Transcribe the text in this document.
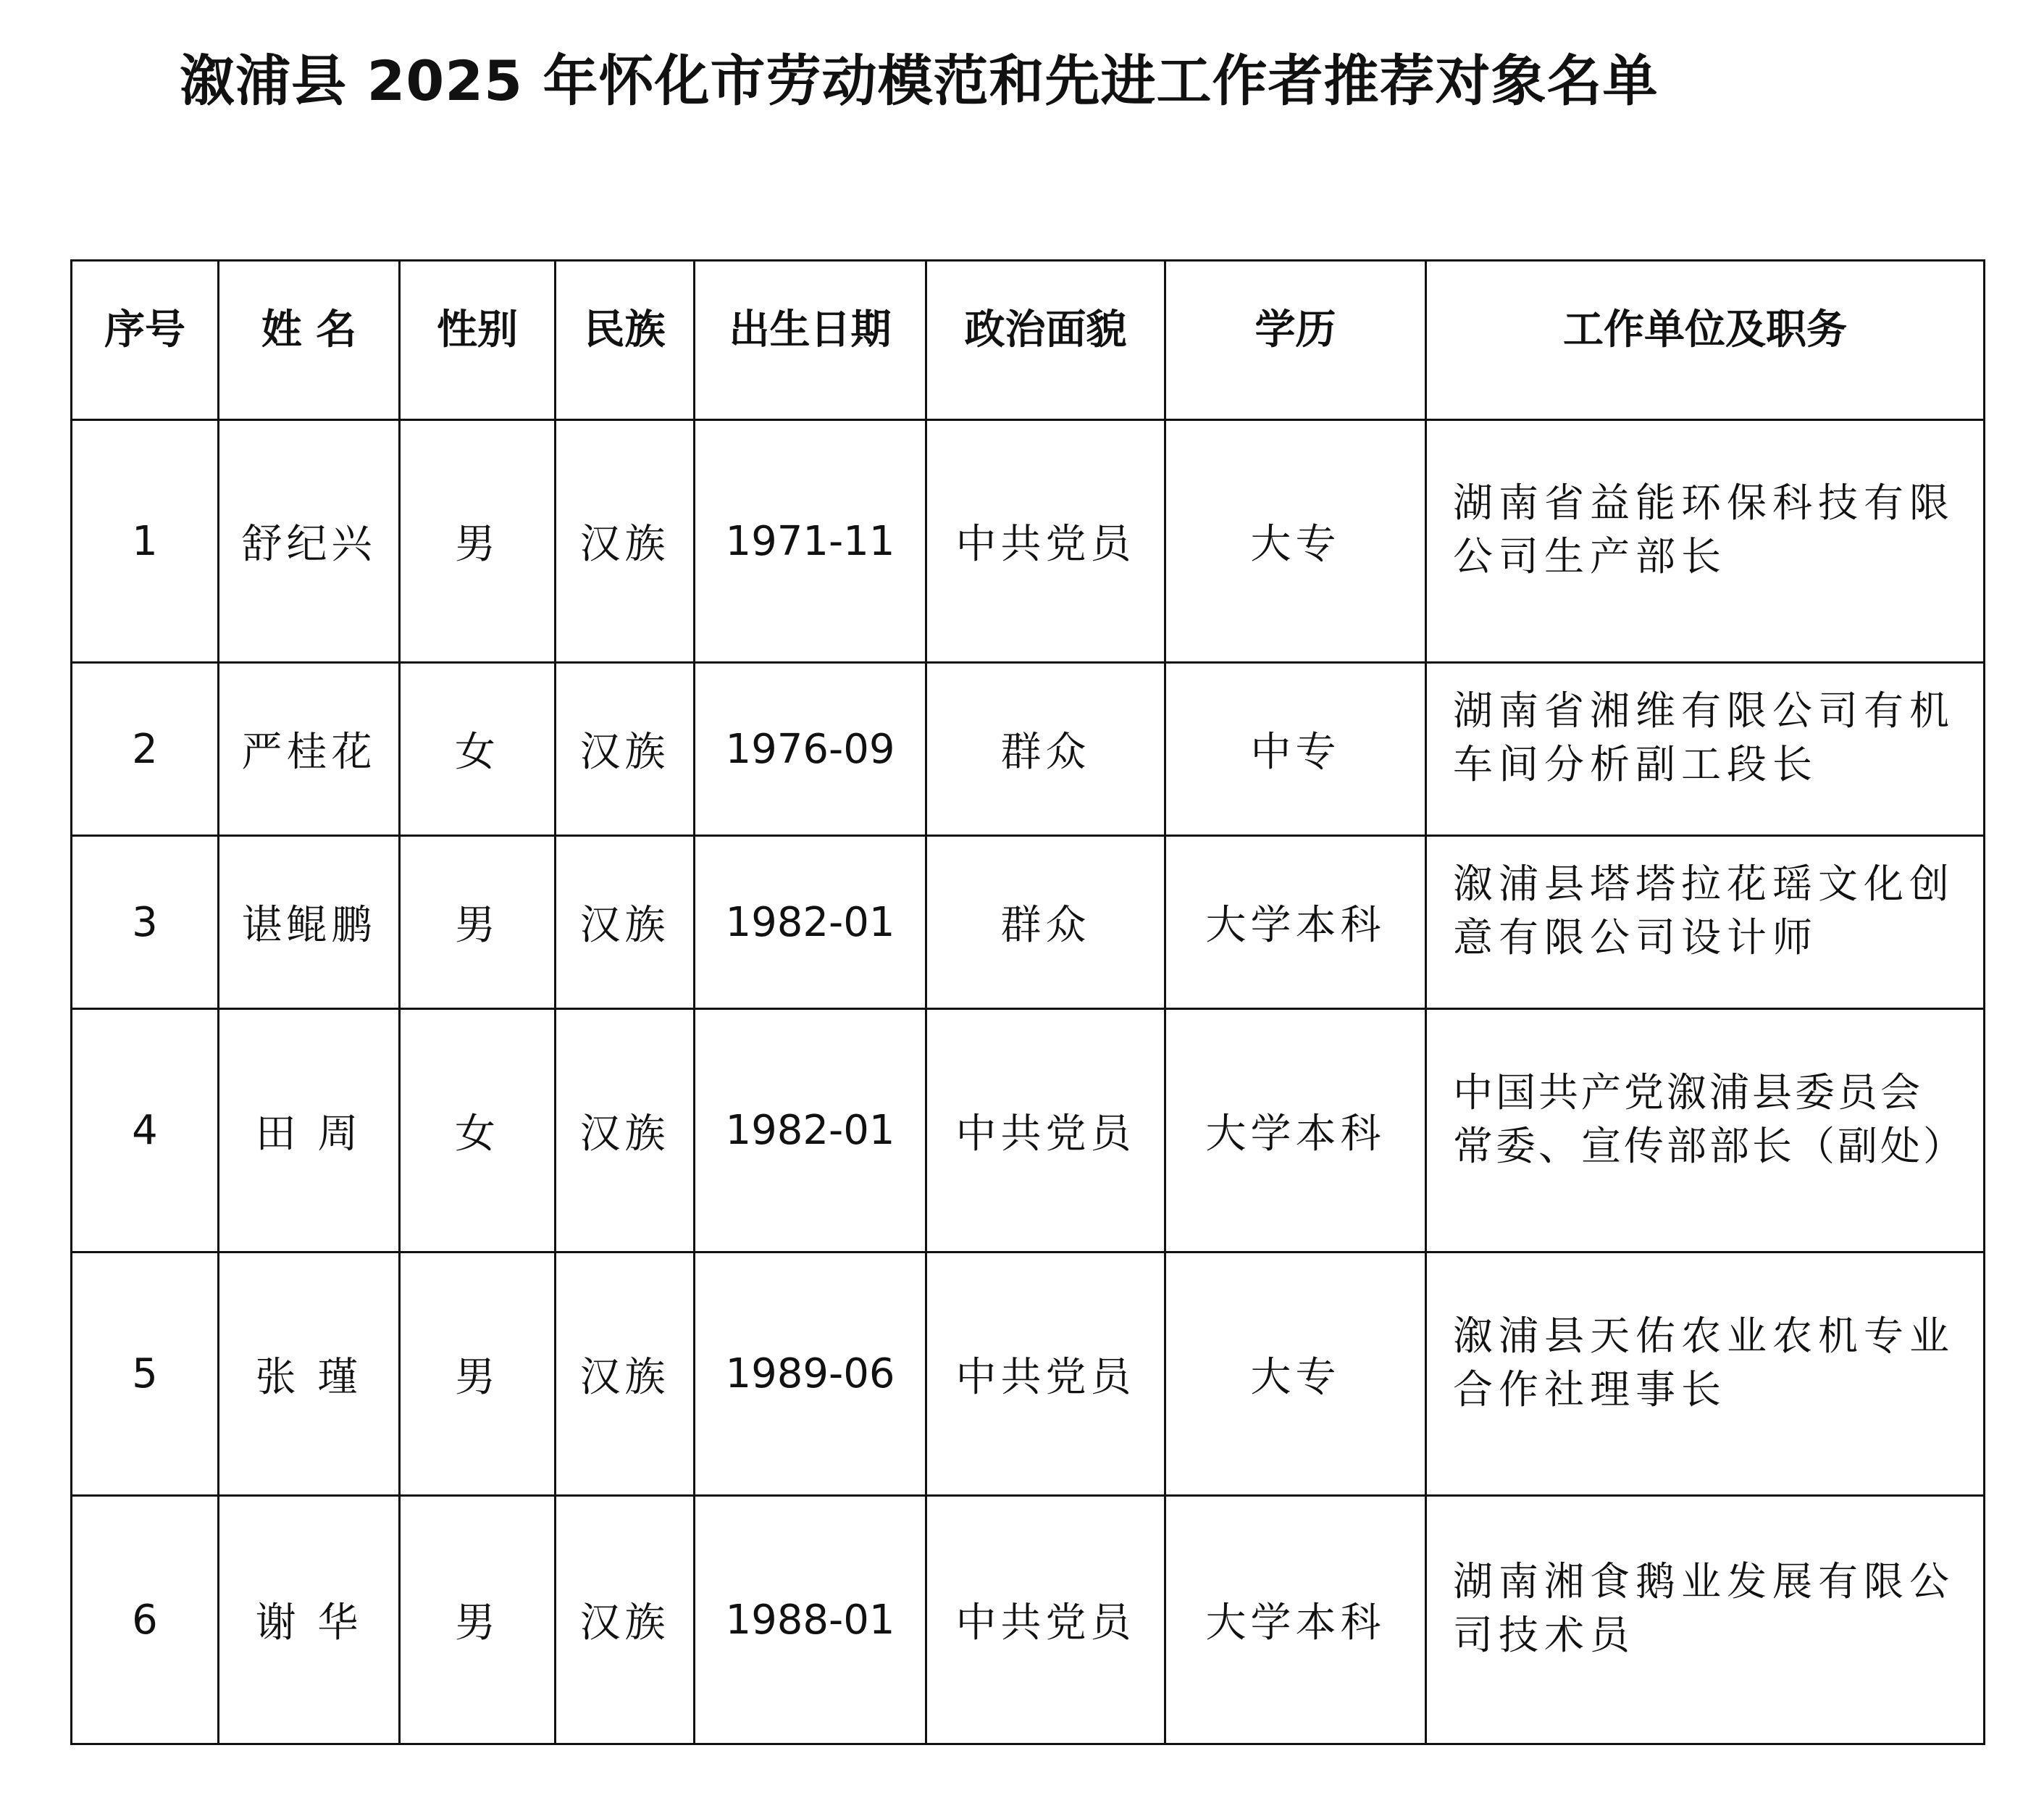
溆浦县 2025 年怀化市劳动模范和先进工作者推荐对象名单
序号	姓 名	性别	民族	出生日期	政治面貌	学历	工作单位及职务
1	舒纪兴	男	汉族	1971-11	中共党员	大专	湖南省益能环保科技有限
公司生产部长

2	严桂花	女	汉族	1976-09	群众	中专	湖南省湘维有限公司有机
车间分析副工段长

3	谌鲲鹏	男	汉族	1982-01	群众	大学本科	溆浦县塔塔拉花瑶文化创
意有限公司设计师

4	田 周	女	汉族	1982-01	中共党员	大学本科	中国共产党溆浦县委员会
常委、宣传部部长（副处）

5	张 瑾	男	汉族	1989-06	中共党员	大专	溆浦县天佑农业农机专业
合作社理事长

6	谢 华	男	汉族	1988-01	中共党员	大学本科	湖南湘食鹅业发展有限公
司技术员
